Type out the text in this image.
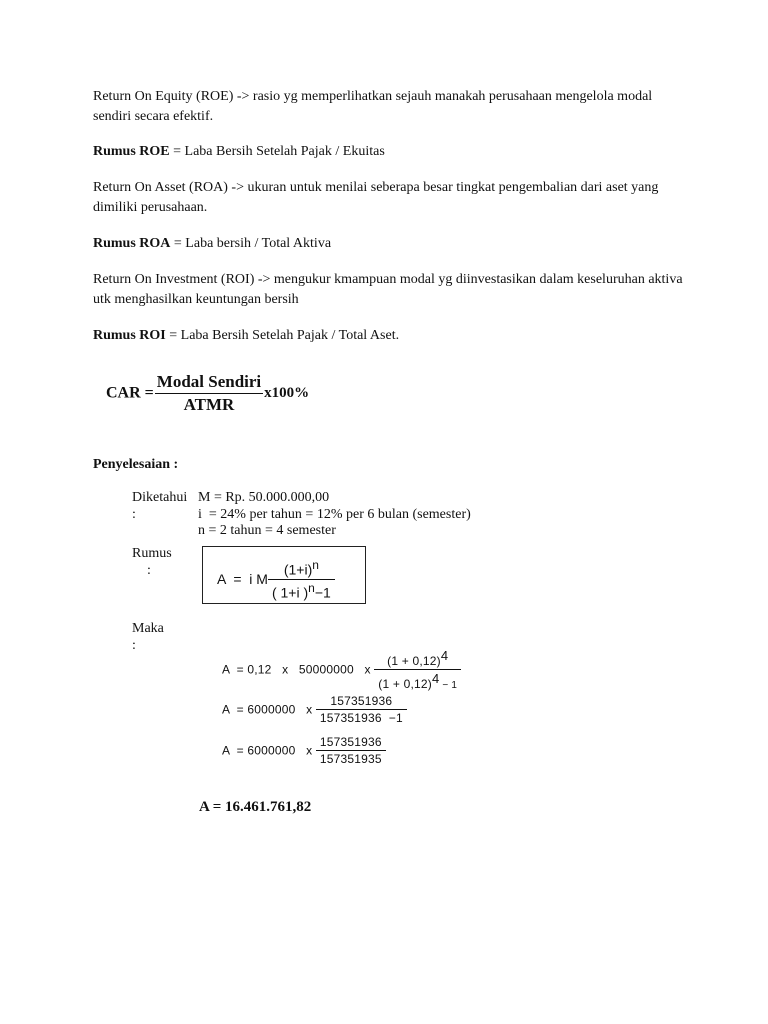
Return On Equity (ROE) -> rasio yg memperlihatkan sejauh manakah perusahaan mengelola modal sendiri secara efektif.
Rumus ROE = Laba Bersih Setelah Pajak / Ekuitas
Return On Asset (ROA) -> ukuran untuk menilai seberapa besar tingkat pengembalian dari aset yang dimiliki perusahaan.
Rumus ROA = Laba bersih / Total Aktiva
Return On Investment (ROI) -> mengukur kmampuan modal yg diinvestasikan dalam keseluruhan aktiva utk menghasilkan keuntungan bersih
Rumus ROI = Laba Bersih Setelah Pajak / Total Aset.
CAR = $\frac{\text{Modal Sendiri}}{\text{ATMR}} x100\%$
Penyelesaian :
Diketahui
:
M = Rp. 50.000.000,00
i  = 24% per tahun = 12% per 6 bulan (semester)
n = 2 tahun = 4 semester
Rumus
:
A  =  i M $\frac{(1+i)^n}{( 1+i )^n-1}$
Maka
:
A  = 0,12   x   50000000   x $\frac{(1 + 0,12)^4}{(1 + 0,12)^4 - 1}$
A  = 6000000   x $\frac{157351936}{157351936 -1}$
A  = 6000000   x $\frac{157351936}{157351935}$
A = 16.461.761,82
